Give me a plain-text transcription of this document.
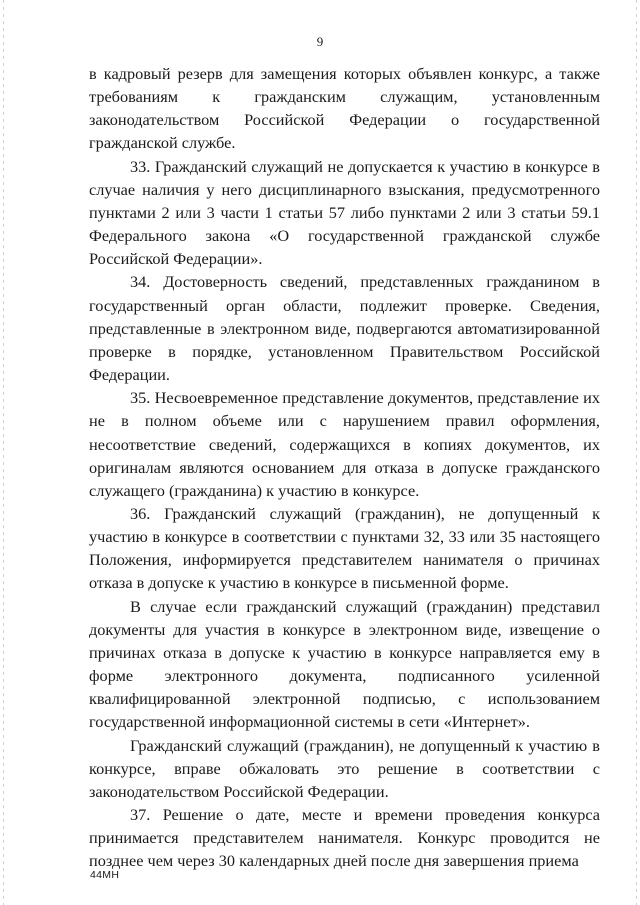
9

в кадровый резерв для замещения которых объявлен конкурс, а также требованиям к гражданским служащим, установленным законодательством Российской Федерации о государственной гражданской службе.

33. Гражданский служащий не допускается к участию в конкурсе в случае наличия у него дисциплинарного взыскания, предусмотренного пунктами 2 или 3 части 1 статьи 57 либо пунктами 2 или 3 статьи 59.1 Федерального закона «О государственной гражданской службе Российской Федерации».

34. Достоверность сведений, представленных гражданином в государственный орган области, подлежит проверке. Сведения, представленные в электронном виде, подвергаются автоматизированной проверке в порядке, установленном Правительством Российской Федерации.

35. Несвоевременное представление документов, представление их не в полном объеме или с нарушением правил оформления, несоответствие сведений, содержащихся в копиях документов, их оригиналам являются основанием для отказа в допуске гражданского служащего (гражданина) к участию в конкурсе.

36. Гражданский служащий (гражданин), не допущенный к участию в конкурсе в соответствии с пунктами 32, 33 или 35 настоящего Положения, информируется представителем нанимателя о причинах отказа в допуске к участию в конкурсе в письменной форме.

В случае если гражданский служащий (гражданин) представил документы для участия в конкурсе в электронном виде, извещение о причинах отказа в допуске к участию в конкурсе направляется ему в форме электронного документа, подписанного усиленной квалифицированной электронной подписью, с использованием государственной информационной системы в сети «Интернет».

Гражданский служащий (гражданин), не допущенный к участию в конкурсе, вправе обжаловать это решение в соответствии с законодательством Российской Федерации.

37. Решение о дате, месте и времени проведения конкурса принимается представителем нанимателя. Конкурс проводится не позднее чем через 30 календарных дней после дня завершения приема

44МН
